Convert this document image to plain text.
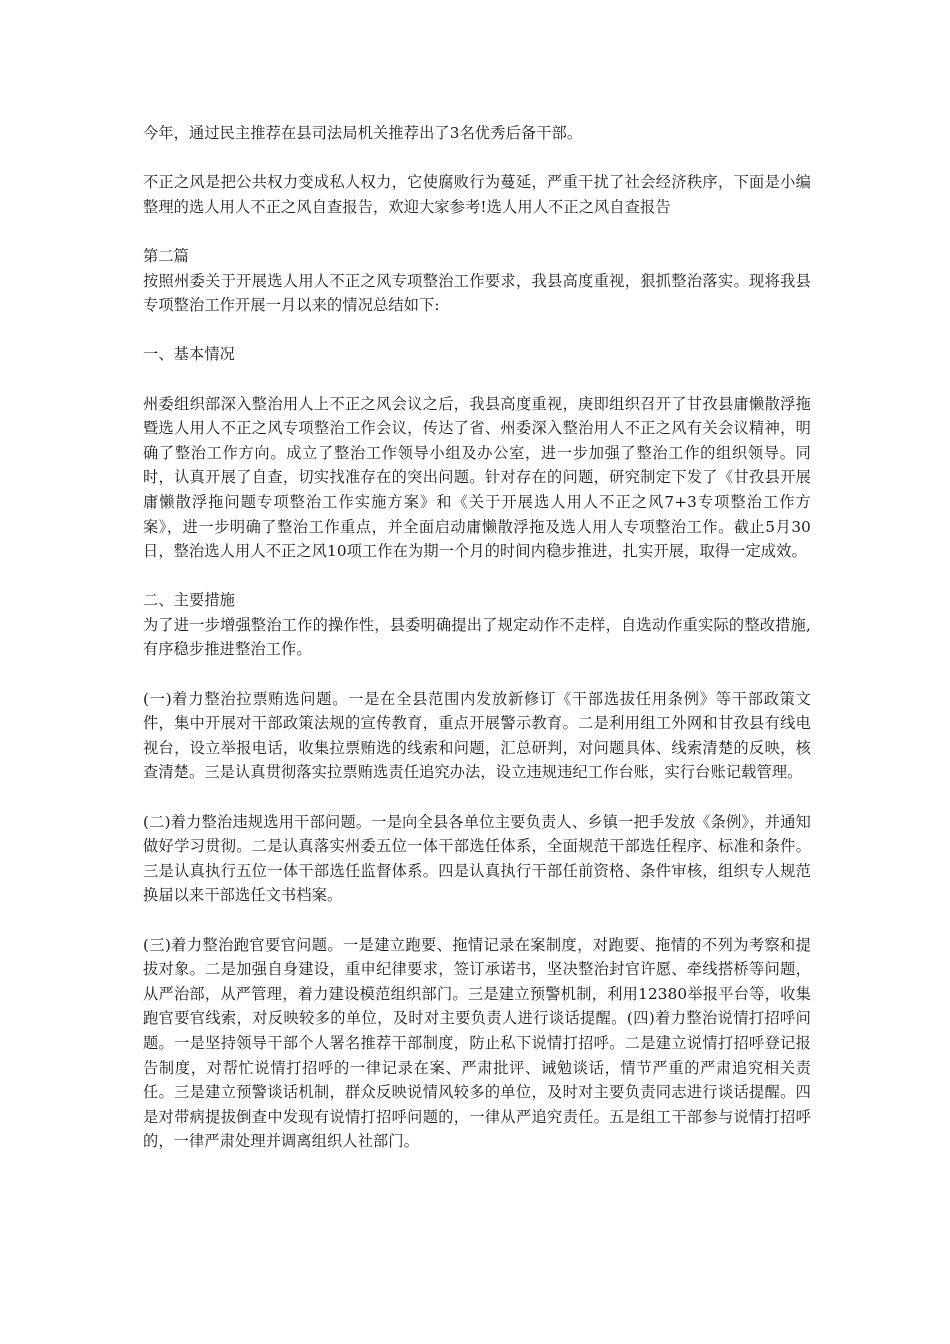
今年，通过民主推荐在县司法局机关推荐出了3名优秀后备干部。

不正之风是把公共权力变成私人权力，它使腐败行为蔓延，严重干扰了社会经济秩序，下面是小编整理的选人用人不正之风自查报告，欢迎大家参考!选人用人不正之风自查报告

第二篇

按照州委关于开展选人用人不正之风专项整治工作要求，我县高度重视，狠抓整治落实。现将我县专项整治工作开展一月以来的情况总结如下:

一、基本情况

州委组织部深入整治用人上不正之风会议之后，我县高度重视，庚即组织召开了甘孜县庸懒散浮拖暨选人用人不正之风专项整治工作会议，传达了省、州委深入整治用人不正之风有关会议精神，明确了整治工作方向。成立了整治工作领导小组及办公室，进一步加强了整治工作的组织领导。同时，认真开展了自查，切实找准存在的突出问题。针对存在的问题，研究制定下发了《甘孜县开展庸懒散浮拖问题专项整治工作实施方案》和《关于开展选人用人不正之风7+3专项整治工作方案》，进一步明确了整治工作重点，并全面启动庸懒散浮拖及选人用人专项整治工作。截止5月30日，整治选人用人不正之风10项工作在为期一个月的时间内稳步推进，扎实开展，取得一定成效。

二、主要措施

为了进一步增强整治工作的操作性，县委明确提出了规定动作不走样，自选动作重实际的整改措施,有序稳步推进整治工作。

(一)着力整治拉票贿选问题。一是在全县范围内发放新修订《干部选拔任用条例》等干部政策文件，集中开展对干部政策法规的宣传教育，重点开展警示教育。二是利用组工外网和甘孜县有线电视台，设立举报电话，收集拉票贿选的线索和问题，汇总研判，对问题具体、线索清楚的反映，核查清楚。三是认真贯彻落实拉票贿选责任追究办法，设立违规违纪工作台账，实行台账记载管理。

(二)着力整治违规选用干部问题。一是向全县各单位主要负责人、乡镇一把手发放《条例》，并通知做好学习贯彻。二是认真落实州委五位一体干部选任体系，全面规范干部选任程序、标准和条件。三是认真执行五位一体干部选任监督体系。四是认真执行干部任前资格、条件审核，组织专人规范换届以来干部选任文书档案。

(三)着力整治跑官要官问题。一是建立跑要、拖情记录在案制度，对跑要、拖情的不列为考察和提拔对象。二是加强自身建设，重申纪律要求，签订承诺书，坚决整治封官许愿、牵线搭桥等问题，从严治部，从严管理，着力建设模范组织部门。三是建立预警机制，利用12380举报平台等，收集跑官要官线索，对反映较多的单位，及时对主要负责人进行谈话提醒。(四)着力整治说情打招呼问题。一是坚持领导干部个人署名推荐干部制度，防止私下说情打招呼。二是建立说情打招呼登记报告制度，对帮忙说情打招呼的一律记录在案、严肃批评、诫勉谈话，情节严重的严肃追究相关责任。三是建立预警谈话机制，群众反映说情风较多的单位，及时对主要负责同志进行谈话提醒。四是对带病提拔倒查中发现有说情打招呼问题的，一律从严追究责任。五是组工干部参与说情打招呼的，一律严肃处理并调离组织人社部门。
